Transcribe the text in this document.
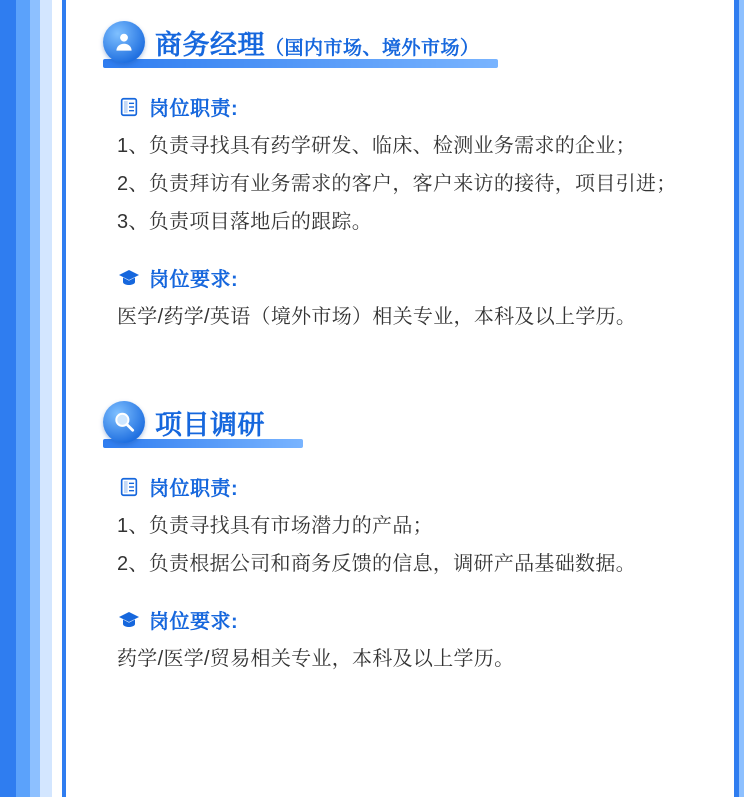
商务经理（国内市场、境外市场）
岗位职责:

1、负责寻找具有药学研发、临床、检测业务需求的企业；

2、负责拜访有业务需求的客户，客户来访的接待，项目引进；

3、负责项目落地后的跟踪。

岗位要求:

医学/药学/英语（境外市场）相关专业，本科及以上学历。

项目调研
岗位职责:

1、负责寻找具有市场潜力的产品；

2、负责根据公司和商务反馈的信息，调研产品基础数据。

岗位要求:

药学/医学/贸易相关专业，本科及以上学历。
